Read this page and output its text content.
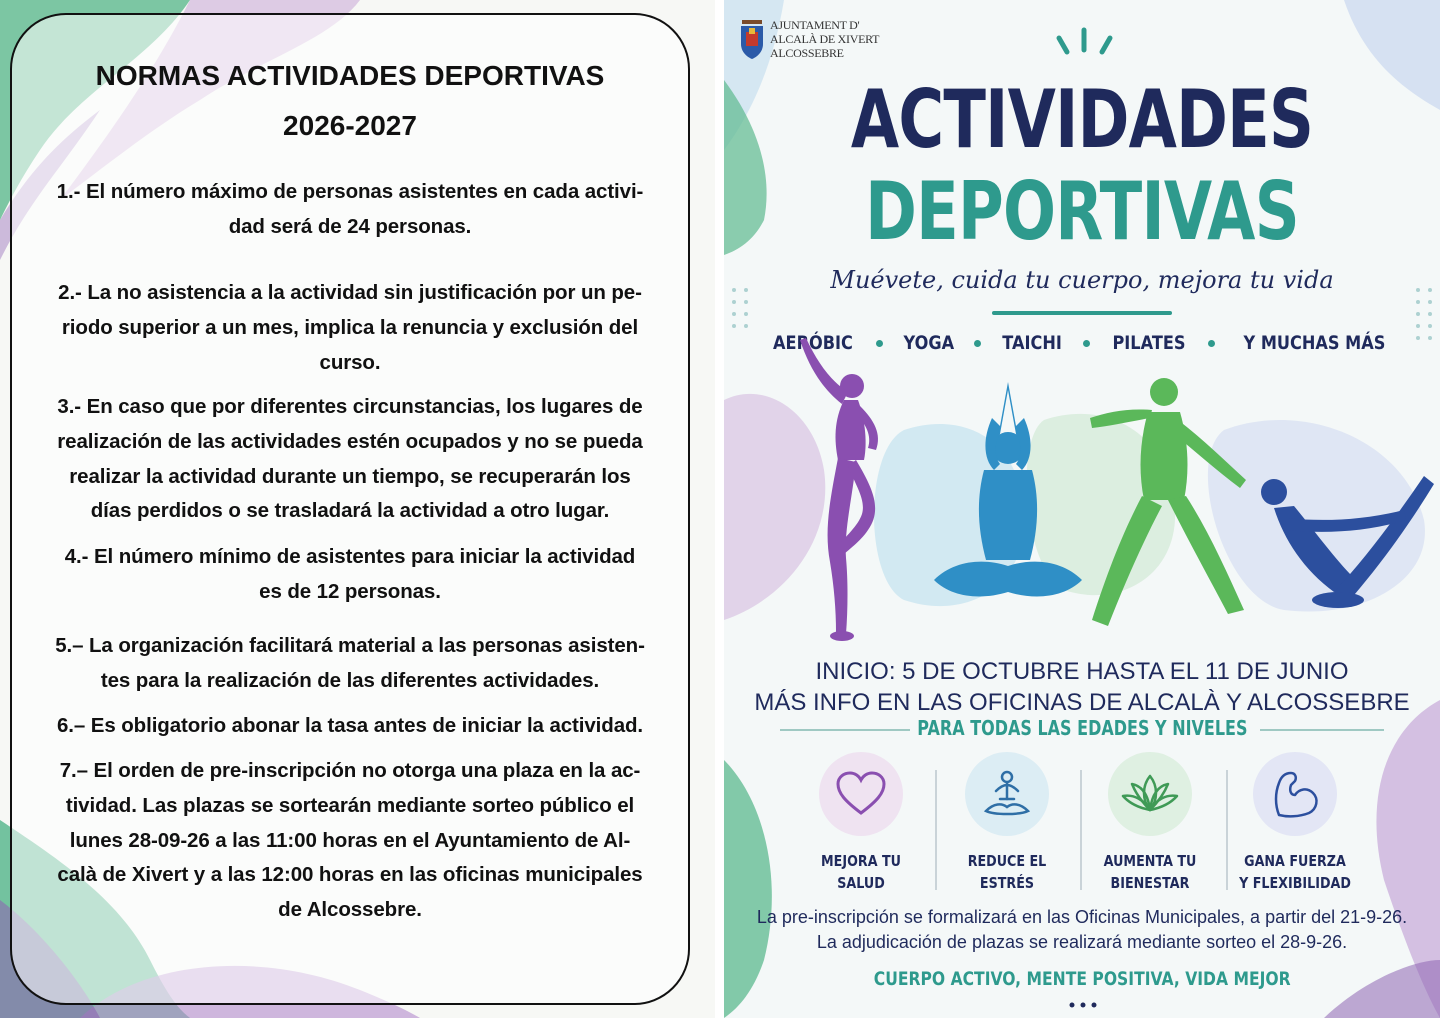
NORMAS ACTIVIDADES DEPORTIVAS
2026-2027
1.- El número máximo de personas asistentes en cada activi-
dad será de 24 personas.
2.- La no asistencia a la actividad sin justificación por un pe-
riodo superior a un mes, implica la renuncia y exclusión del
curso.
3.- En caso que por diferentes circunstancias, los lugares de
realización de las actividades estén ocupados y no se pueda
realizar la actividad durante un tiempo, se recuperarán los
días perdidos o se trasladará la actividad a otro lugar.
4.- El número mínimo de asistentes para iniciar la actividad
es de 12 personas.
5.– La organización facilitará material a las personas asisten-
tes para la realización de las diferentes actividades.
6.– Es obligatorio abonar la tasa antes de iniciar la actividad.
7.– El orden de pre-inscripción no otorga una plaza en la ac-
tividad. Las plazas se sortearán mediante sorteo público el
lunes 28-09-26 a las 11:00 horas en el Ayuntamiento de Al-
calà de Xivert y a las 12:00 horas en las oficinas municipales
de Alcossebre.
AJUNTAMENT D'
ALCALÀ DE XIVERT
ALCOSSEBRE
ACTIVIDADES
DEPORTIVAS
Muévete, cuida tu cuerpo, mejora tu vida
AERÓBIC	YOGA	TAICHI	PILATES	Y MUCHAS MÁS
INICIO: 5 DE OCTUBRE HASTA EL 11 DE JUNIO
MÁS INFO EN LAS OFICINAS DE ALCALÀ Y ALCOSSEBRE
PARA TODAS LAS EDADES Y NIVELES
MEJORA TU
SALUD
REDUCE EL
ESTRÉS
AUMENTA TU
BIENESTAR
GANA FUERZA
Y FLEXIBILIDAD
La pre-inscripción se formalizará en las Oficinas Municipales, a partir del 21-9-26.
La adjudicación de plazas se realizará mediante sorteo el 28-9-26.
CUERPO ACTIVO, MENTE POSITIVA, VIDA MEJOR
